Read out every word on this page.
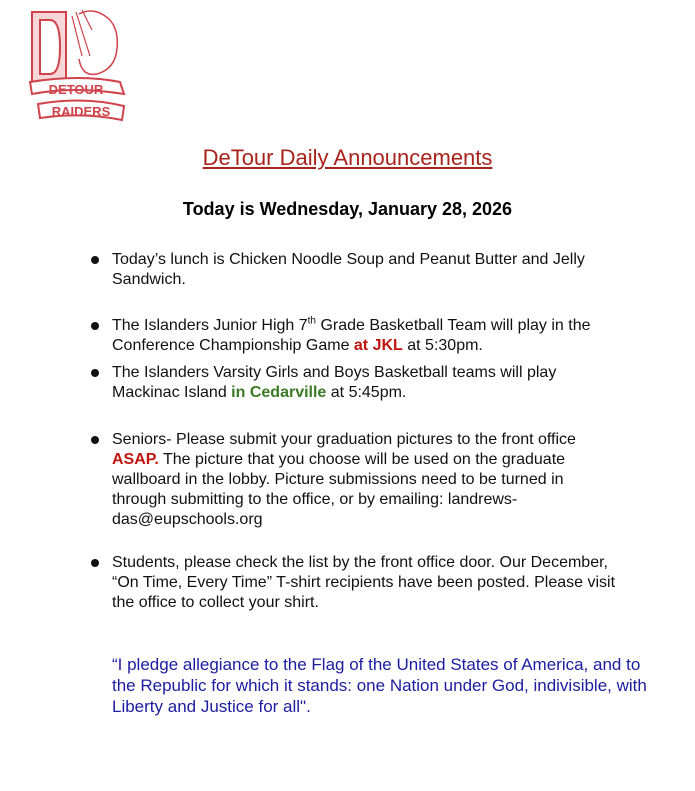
DETOUR
RAIDERS
DeTour Daily Announcements
Today is Wednesday, January 28, 2026
Today’s lunch is Chicken Noodle Soup and Peanut Butter and Jelly Sandwich.
The Islanders Junior High 7th Grade Basketball Team will play in the Conference Championship Game at JKL at 5:30pm.
The Islanders Varsity Girls and Boys Basketball teams will play Mackinac Island in Cedarville at 5:45pm.
Seniors- Please submit your graduation pictures to the front office ASAP. The picture that you choose will be used on the graduate wallboard in the lobby. Picture submissions need to be turned in through submitting to the office, or by emailing: landrews-das@eupschools.org
Students, please check the list by the front office door. Our December, “On Time, Every Time” T-shirt recipients have been posted. Please visit the office to collect your shirt.
“I pledge allegiance to the Flag of the United States of America, and to the Republic for which it stands: one Nation under God, indivisible, with Liberty and Justice for all".
